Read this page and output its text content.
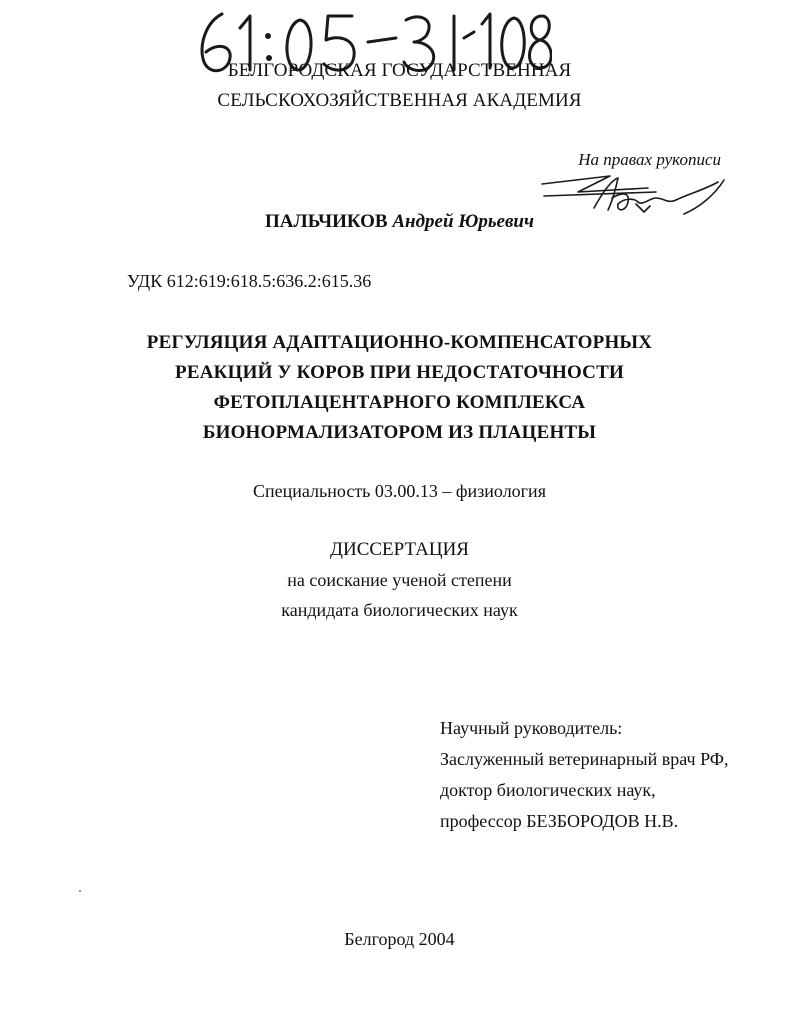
БЕЛГОРОДСКАЯ ГОСУДАРСТВЕННАЯ
СЕЛЬСКОХОЗЯЙСТВЕННАЯ АКАДЕМИЯ
На правах рукописи
ПАЛЬЧИКОВ Андрей Юрьевич
УДК 612:619:618.5:636.2:615.36
РЕГУЛЯЦИЯ АДАПТАЦИОННО-КОМПЕНСАТОРНЫХ
РЕАКЦИЙ У КОРОВ ПРИ НЕДОСТАТОЧНОСТИ
ФЕТОПЛАЦЕНТАРНОГО КОМПЛЕКСА
БИОНОРМАЛИЗАТОРОМ ИЗ ПЛАЦЕНТЫ
Специальность 03.00.13 – физиология
ДИССЕРТАЦИЯ
на соискание ученой степени
кандидата биологических наук
Научный руководитель:
Заслуженный ветеринарный врач РФ,
доктор биологических наук,
профессор БЕЗБОРОДОВ Н.В.
Белгород 2004
